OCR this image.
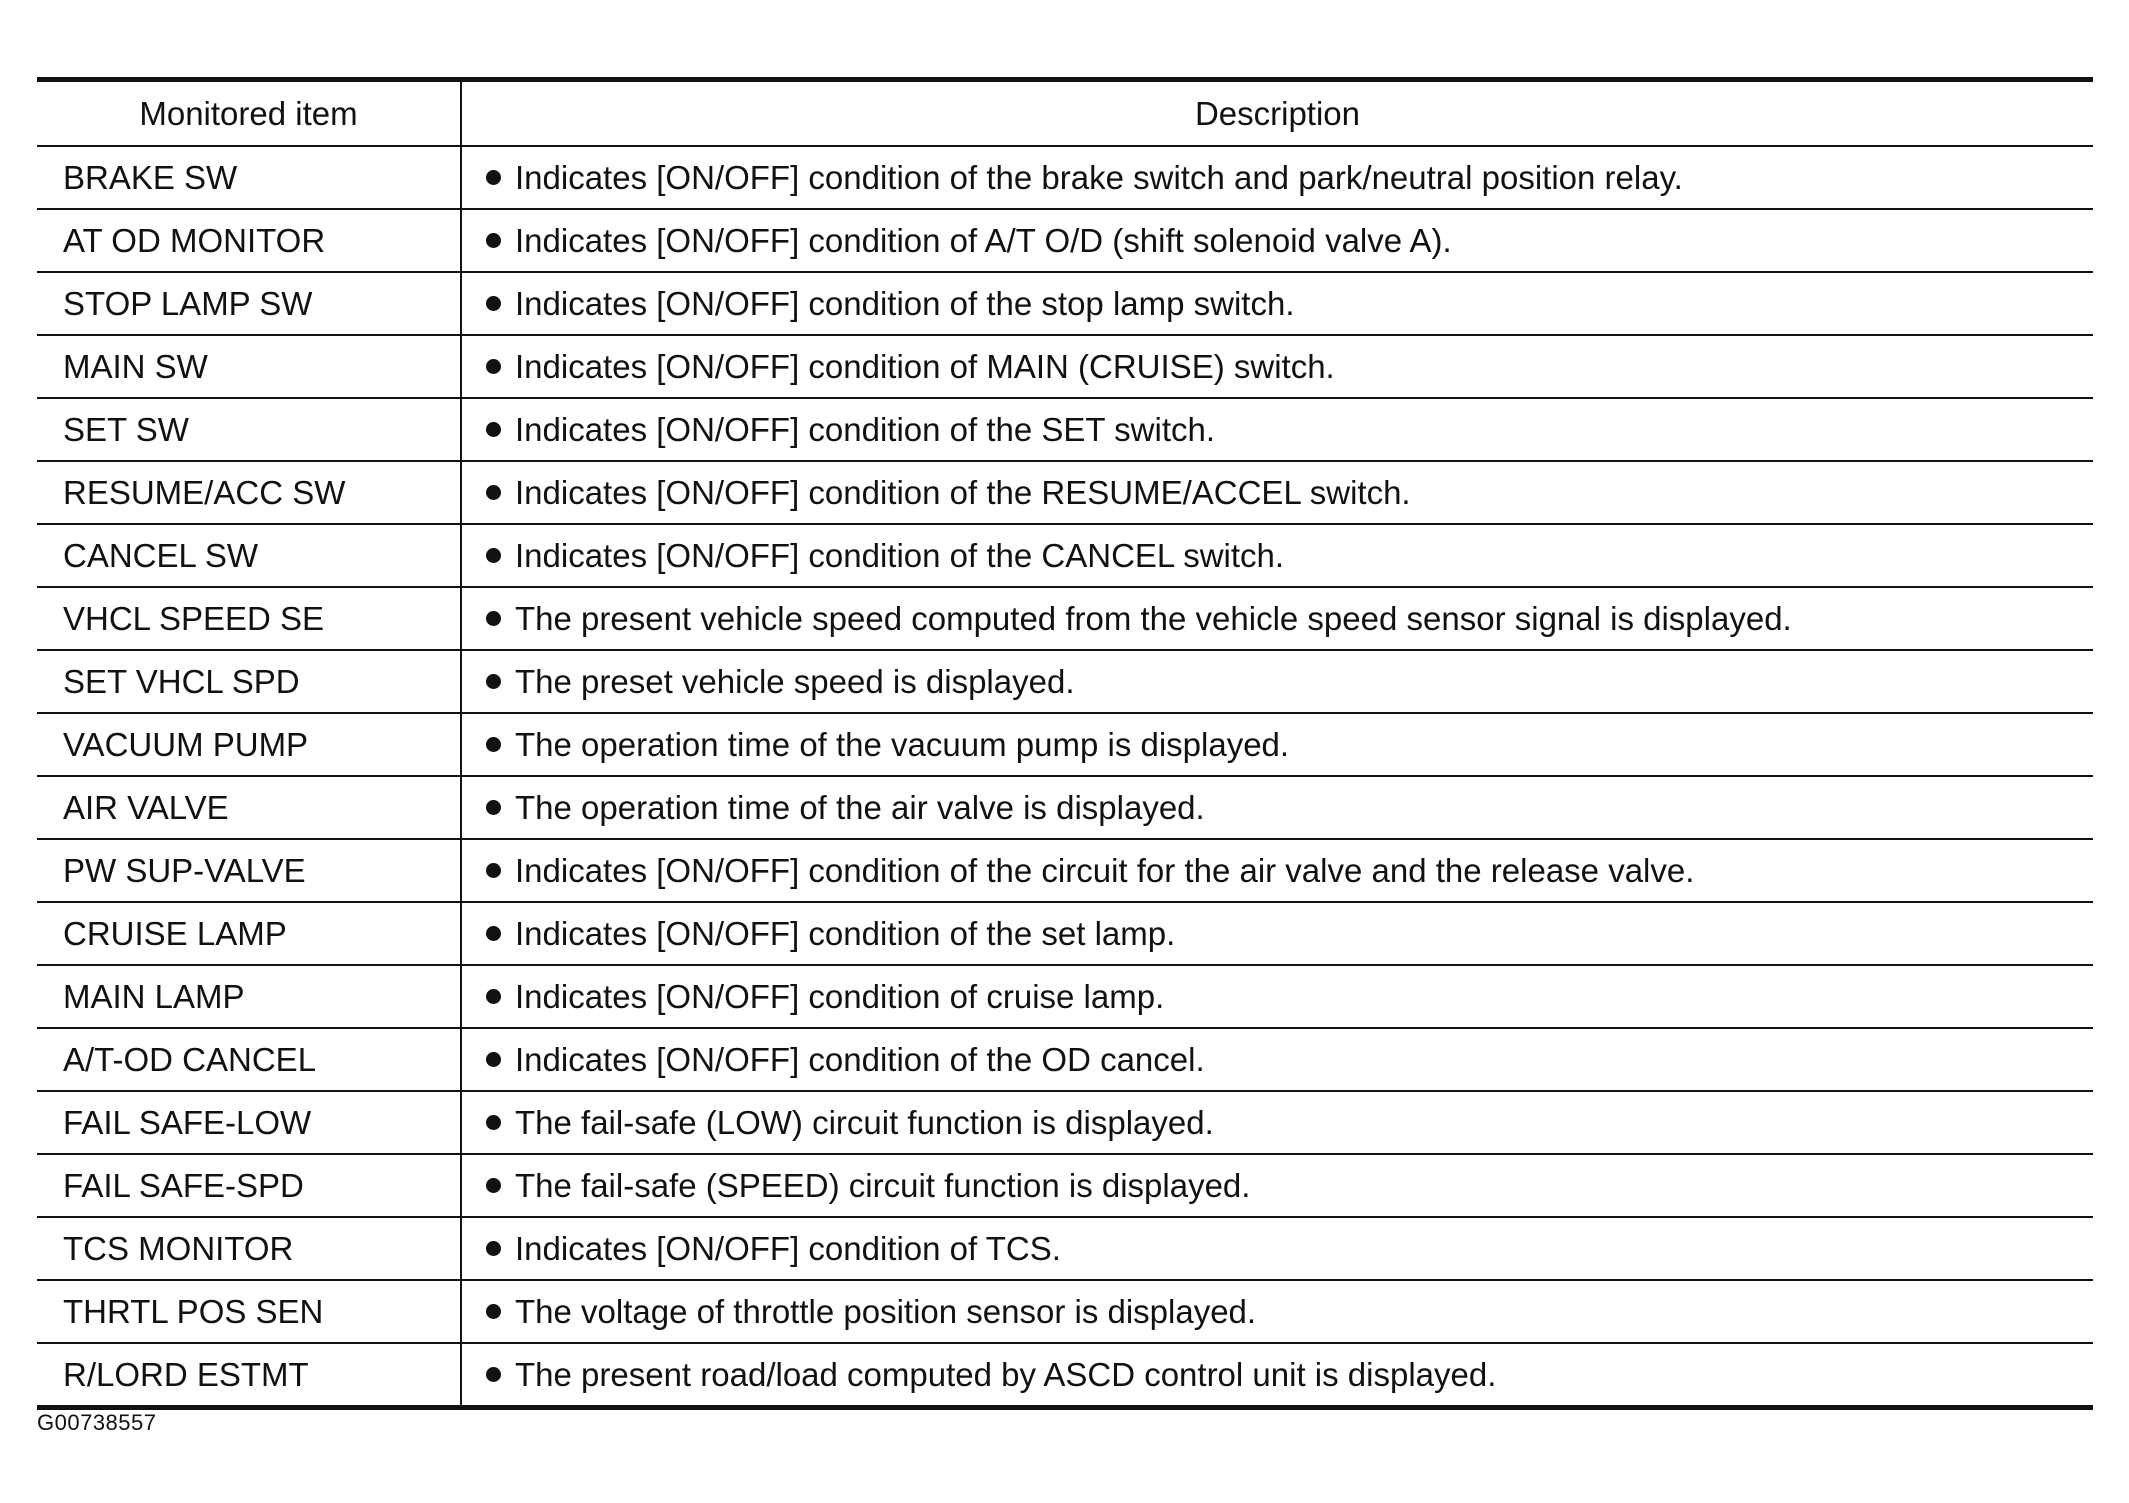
Monitored item	Description
BRAKE SW	Indicates [ON/OFF] condition of the brake switch and park/neutral position relay.
AT OD MONITOR	Indicates [ON/OFF] condition of A/T O/D (shift solenoid valve A).
STOP LAMP SW	Indicates [ON/OFF] condition of the stop lamp switch.
MAIN SW	Indicates [ON/OFF] condition of MAIN (CRUISE) switch.
SET SW	Indicates [ON/OFF] condition of the SET switch.
RESUME/ACC SW	Indicates [ON/OFF] condition of the RESUME/ACCEL switch.
CANCEL SW	Indicates [ON/OFF] condition of the CANCEL switch.
VHCL SPEED SE	The present vehicle speed computed from the vehicle speed sensor signal is displayed.
SET VHCL SPD	The preset vehicle speed is displayed.
VACUUM PUMP	The operation time of the vacuum pump is displayed.
AIR VALVE	The operation time of the air valve is displayed.
PW SUP-VALVE	Indicates [ON/OFF] condition of the circuit for the air valve and the release valve.
CRUISE LAMP	Indicates [ON/OFF] condition of the set lamp.
MAIN LAMP	Indicates [ON/OFF] condition of cruise lamp.
A/T-OD CANCEL	Indicates [ON/OFF] condition of the OD cancel.
FAIL SAFE-LOW	The fail-safe (LOW) circuit function is displayed.
FAIL SAFE-SPD	The fail-safe (SPEED) circuit function is displayed.
TCS MONITOR	Indicates [ON/OFF] condition of TCS.
THRTL POS SEN	The voltage of throttle position sensor is displayed.
R/LORD ESTMT	The present road/load computed by ASCD control unit is displayed.
G00738557
